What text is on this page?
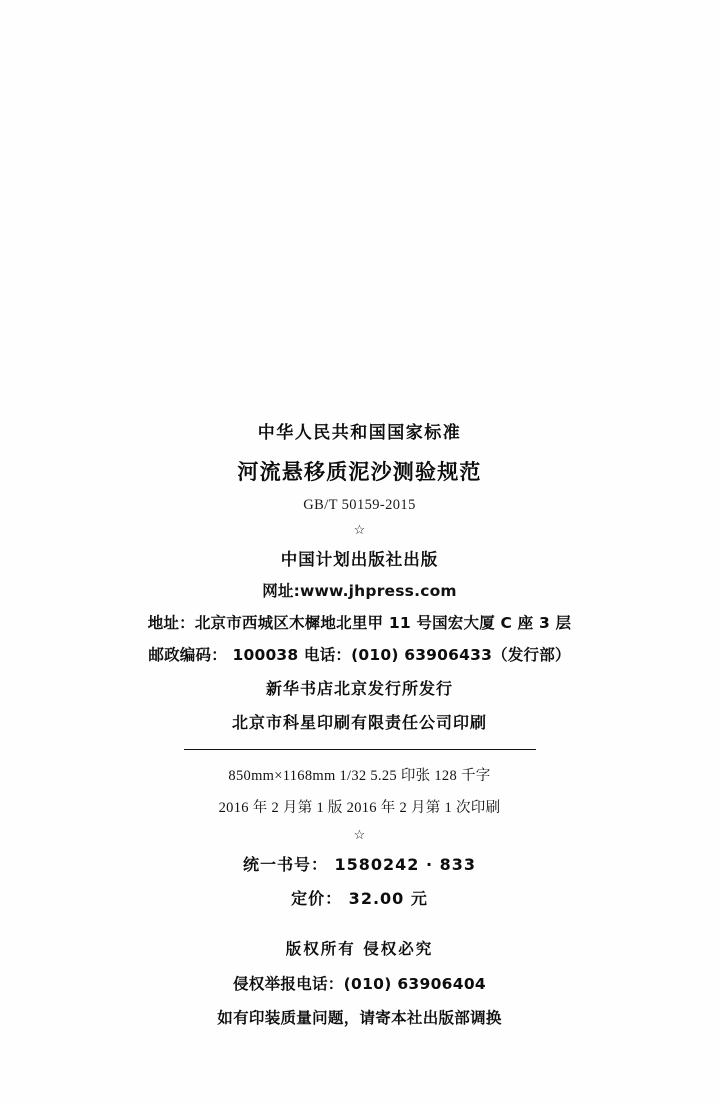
中华人民共和国国家标准
河流悬移质泥沙测验规范
GB/T 50159-2015
☆
中国计划出版社出版
网址:www.jhpress.com
地址：北京市西城区木樨地北里甲 11 号国宏大厦 C 座 3 层
邮政编码： 100038 电话：(010) 63906433（发行部）
新华书店北京发行所发行
北京市科星印刷有限责任公司印刷
850mm×1168mm 1/32 5.25 印张 128 千字
2016 年 2 月第 1 版 2016 年 2 月第 1 次印刷
☆
统一书号： 1580242 · 833
定价： 32.00 元
版权所有 侵权必究
侵权举报电话：(010) 63906404
如有印装质量问题，请寄本社出版部调换
